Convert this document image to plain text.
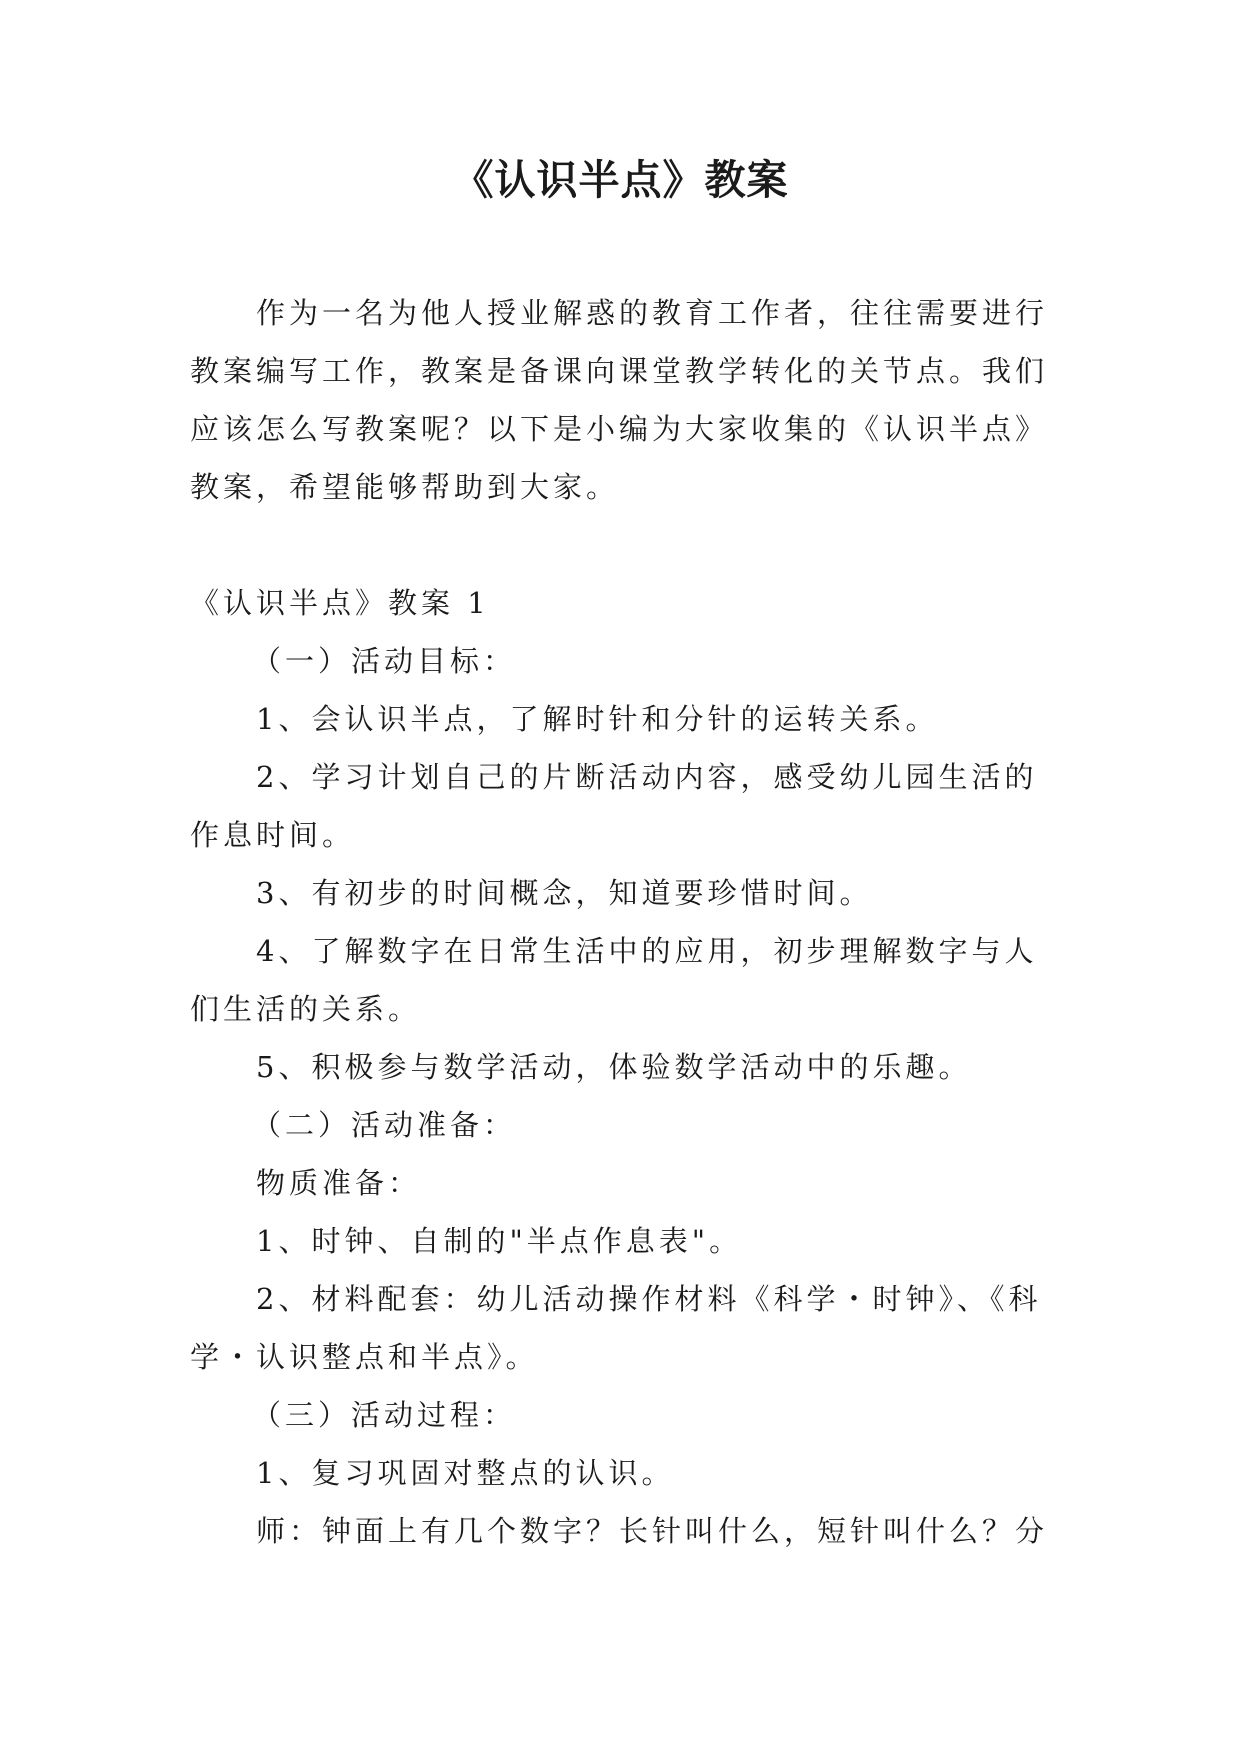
《认识半点》教案

作为一名为他人授业解惑的教育工作者，往往需要进行

教案编写工作，教案是备课向课堂教学转化的关节点。我们

应该怎么写教案呢？以下是小编为大家收集的《认识半点》

教案，希望能够帮助到大家。

《认识半点》教案 1

（一）活动目标：

1、会认识半点，了解时针和分针的运转关系。

2、学习计划自己的片断活动内容，感受幼儿园生活的

作息时间。

3、有初步的时间概念，知道要珍惜时间。

4、了解数字在日常生活中的应用，初步理解数字与人

们生活的关系。

5、积极参与数学活动，体验数学活动中的乐趣。

（二）活动准备：

物质准备：

1、时钟、自制的"半点作息表"。

2、材料配套：幼儿活动操作材料《科学・时钟》、《科

学・认识整点和半点》。

（三）活动过程：

1、复习巩固对整点的认识。

师：钟面上有几个数字？长针叫什么，短针叫什么？分
